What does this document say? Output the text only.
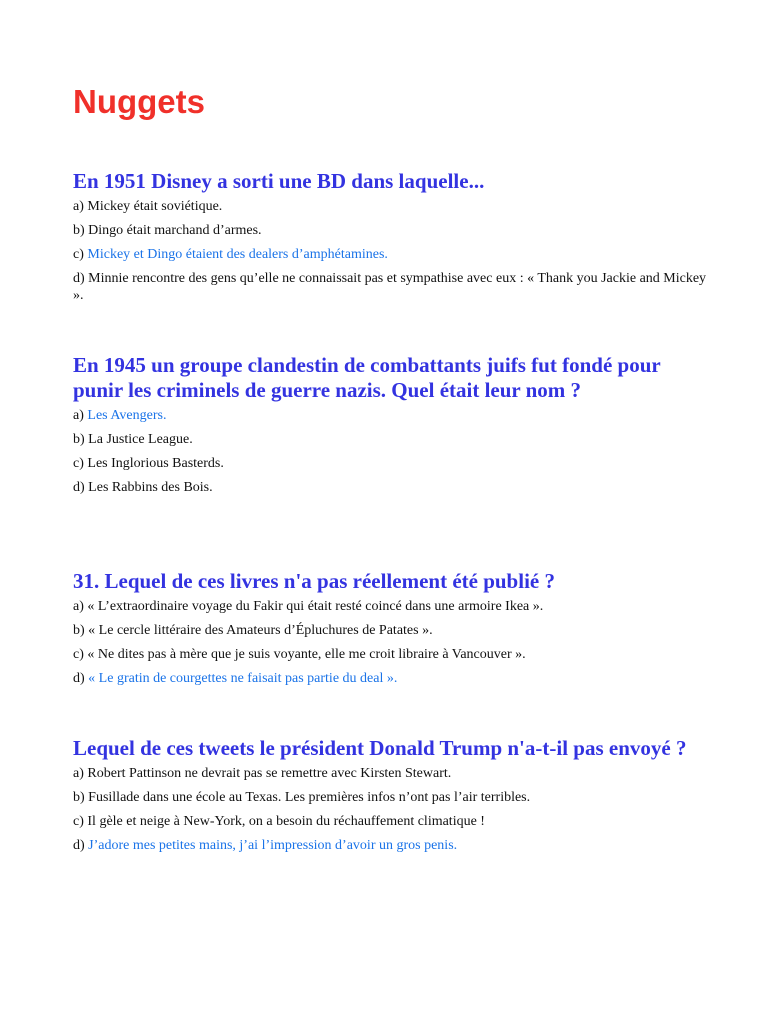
Nuggets
En 1951 Disney a sorti une BD dans laquelle...
a) Mickey était soviétique.
b) Dingo était marchand d’armes.
c) Mickey et Dingo étaient des dealers d’amphétamines.
d) Minnie rencontre des gens qu’elle ne connaissait pas et sympathise avec eux : « Thank you Jackie and Mickey ».
En 1945 un groupe clandestin de combattants juifs fut fondé pour punir les criminels de guerre nazis. Quel était leur nom ?
a) Les Avengers.
b) La Justice League.
c) Les Inglorious Basterds.
d) Les Rabbins des Bois.
31. Lequel de ces livres n'a pas réellement été publié ?
a) « L’extraordinaire voyage du Fakir qui était resté coincé dans une armoire Ikea ».
b) « Le cercle littéraire des Amateurs d’Épluchures de Patates ».
c) « Ne dites pas à mère que je suis voyante, elle me croit libraire à Vancouver ».
d) « Le gratin de courgettes ne faisait pas partie du deal ».
Lequel de ces tweets le président Donald Trump n'a-t-il pas envoyé ?
a) Robert Pattinson ne devrait pas se remettre avec Kirsten Stewart.
b) Fusillade dans une école au Texas. Les premières infos n’ont pas l’air terribles.
c) Il gèle et neige à New-York, on a besoin du réchauffement climatique !
d) J’adore mes petites mains, j’ai l’impression d’avoir un gros penis.
